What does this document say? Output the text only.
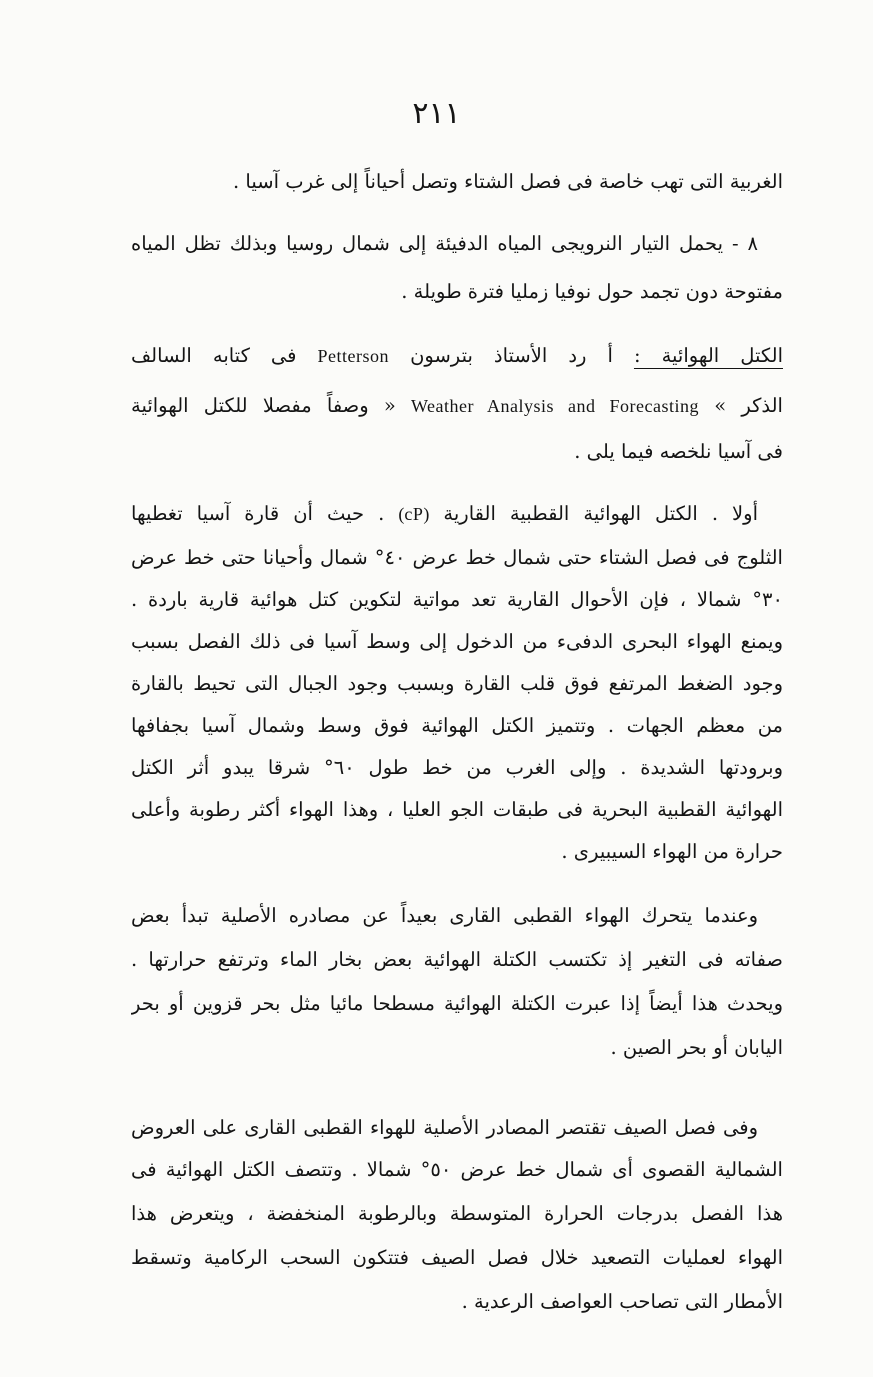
٢١١
الغربية التى تهب خاصة فى فصل الشتاء وتصل أحياناً إلى غرب آسيا .
٨ - يحمل التيار النرويجى المياه الدفيئة إلى شمال روسيا وبذلك تظل المياه
مفتوحة دون تجمد حول نوفيا زمليا فترة طويلة .
الكتل الهوائية : أ رد الأستاذ بترسون Petterson فى كتابه السالف
الذكر » Weather Analysis and Forecasting « وصفاً مفصلا للكتل الهوائية
فى آسيا نلخصه فيما يلى .
أولا . الكتل الهوائية القطبية القارية (cP) . حيث أن قارة آسيا تغطيها
الثلوج فى فصل الشتاء حتى شمال خط عرض ٤٠° شمال وأحيانا حتى خط عرض
٣٠° شمالا ، فإن الأحوال القارية تعد مواتية لتكوين كتل هوائية قارية باردة .
ويمنع الهواء البحرى الدفىء من الدخول إلى وسط آسيا فى ذلك الفصل بسبب
وجود الضغط المرتفع فوق قلب القارة وبسبب وجود الجبال التى تحيط بالقارة
من معظم الجهات . وتتميز الكتل الهوائية فوق وسط وشمال آسيا بجفافها
وبرودتها الشديدة . وإلى الغرب من خط طول ٦٠° شرقا يبدو أثر الكتل
الهوائية القطبية البحرية فى طبقات الجو العليا ، وهذا الهواء أكثر رطوبة وأعلى
حرارة من الهواء السيبيرى .
وعندما يتحرك الهواء القطبى القارى بعيداً عن مصادره الأصلية تبدأ بعض
صفاته فى التغير إذ تكتسب الكتلة الهوائية بعض بخار الماء وترتفع حرارتها .
ويحدث هذا أيضاً إذا عبرت الكتلة الهوائية مسطحا مائيا مثل بحر قزوين أو بحر
اليابان أو بحر الصين .
وفى فصل الصيف تقتصر المصادر الأصلية للهواء القطبى القارى على العروض
الشمالية القصوى أى شمال خط عرض ٥٠° شمالا . وتتصف الكتل الهوائية فى
هذا الفصل بدرجات الحرارة المتوسطة وبالرطوبة المنخفضة ، ويتعرض هذا
الهواء لعمليات التصعيد خلال فصل الصيف فتتكون السحب الركامية وتسقط
الأمطار التى تصاحب العواصف الرعدية .
